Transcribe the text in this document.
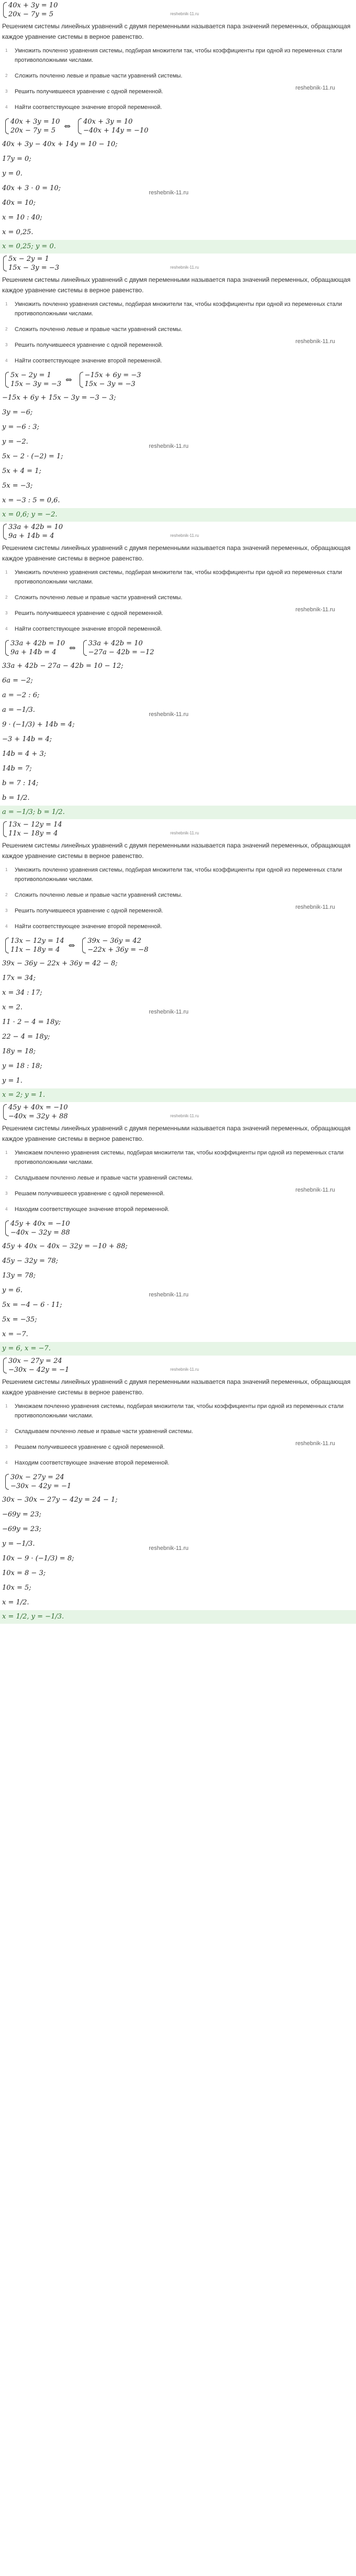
40x + 3y = 10
20x − 7y = 5	reshebnik-11.ru
Решением системы линейных уравнений с двумя переменными называется пара значений переменных, обращающая каждое уравнение системы в верное равенство.
1 Умножить почленно уравнения системы, подбирая множители так, чтобы коэффициенты при одной из переменных стали противоположными числами.
2 Сложить почленно левые и правые части уравнений системы.
3 Решить получившееся уравнение с одной переменной.
4 Найти соответствующее значение второй переменной.
40x + 3y = 10
20x − 7y = 5	⇔ 40x + 3y = 10
−40x + 14y = −10

40x + 3y − 40x + 14y = 10 − 10;

17y = 0;

y = 0.

40x + 3 · 0 = 10;

40x = 10;

x = 10 : 40;

x = 0,25.

reshebnik-11.ru
reshebnik-11.ru
x = 0,25; y = 0.
5x − 2y = 1
15x − 3y = −3	reshebnik-11.ru
Решением системы линейных уравнений с двумя переменными называется пара значений переменных, обращающая каждое уравнение системы в верное равенство.
1 Умножить почленно уравнения системы, подбирая множители так, чтобы коэффициенты при одной из переменных стали противоположными числами.
2 Сложить почленно левые и правые части уравнений системы.
3 Решить получившееся уравнение с одной переменной.
4 Найти соответствующее значение второй переменной.
5x − 2y = 1
15x − 3y = −3 ⇔ −15x + 6y = −3
15x − 3y = −3

−15x + 6y + 15x − 3y = −3 − 3;

3y = −6;

y = −6 : 3;

y = −2.

5x − 2 · (−2) = 1;

5x + 4 = 1;

5x = −3;

x = −3 : 5 = 0,6.

reshebnik-11.ru
reshebnik-11.ru
x = 0,6; y = −2.
33a + 42b = 10
9a + 14b = 4	reshebnik-11.ru
Решением системы линейных уравнений с двумя переменными называется пара значений переменных, обращающая каждое уравнение системы в верное равенство.
1 Умножить почленно уравнения системы, подбирая множители так, чтобы коэффициенты при одной из переменных стали противоположными числами.
2 Сложить почленно левые и правые части уравнений системы.
3 Решить получившееся уравнение с одной переменной.
4 Найти соответствующее значение второй переменной.
33a + 42b = 10
9a + 14b = 4	⇔ 33a + 42b = 10
−27a − 42b = −12

33a + 42b − 27a − 42b = 10 − 12;

6a = −2;

a = −2 : 6;

a = −1/3.

9 · (−1/3) + 14b = 4;

−3 + 14b = 4;

14b = 4 + 3;

14b = 7;

b = 7 : 14;

b = 1/2.

reshebnik-11.ru
reshebnik-11.ru
a = −1/3; b = 1/2.
13x − 12y = 14
11x − 18y = 4	reshebnik-11.ru
Решением системы линейных уравнений с двумя переменными называется пара значений переменных, обращающая каждое уравнение системы в верное равенство.
1 Умножить почленно уравнения системы, подбирая множители так, чтобы коэффициенты при одной из переменных стали противоположными числами.
2 Сложить почленно левые и правые части уравнений системы.
3 Решить получившееся уравнение с одной переменной.
4 Найти соответствующее значение второй переменной.
13x − 12y = 14
11x − 18y = 4	⇔ 39x − 36y = 42
−22x + 36y = −8

39x − 36y − 22x + 36y = 42 − 8;

17x = 34;

x = 34 : 17;

x = 2.

11 · 2 − 4 = 18y;

22 − 4 = 18y;

18y = 18;

y = 18 : 18;

y = 1.

reshebnik-11.ru
reshebnik-11.ru
x = 2; y = 1.
45y + 40x = −10
−40x = 32y + 88	reshebnik-11.ru
Решением системы линейных уравнений с двумя переменными называется пара значений переменных, обращающая каждое уравнение системы в верное равенство.
1 Умножаем почленно уравнения системы, подбирая множители так, чтобы коэффициенты при одной из переменных стали противоположными числами.
2 Складываем почленно левые и правые части уравнений системы.
3 Решаем получившееся уравнение с одной переменной.
4 Находим соответствующее значение второй переменной.
45y + 40x = −10
−40x − 32y = 88

45y + 40x − 40x − 32y = −10 + 88;

45y − 32y = 78;

13y = 78;

y = 6.

5x = −4 − 6 · 11;

5x = −35;

x = −7.

reshebnik-11.ru
reshebnik-11.ru
y = 6, x = −7.
30x − 27y = 24
−30x − 42y = −1	reshebnik-11.ru
Решением системы линейных уравнений с двумя переменными называется пара значений переменных, обращающая каждое уравнение системы в верное равенство.
1 Умножаем почленно уравнения системы, подбирая множители так, чтобы коэффициенты при одной из переменных стали противоположными числами.
2 Складываем почленно левые и правые части уравнений системы.
3 Решаем получившееся уравнение с одной переменной.
4 Находим соответствующее значение второй переменной.
30x − 27y = 24
−30x − 42y = −1

30x − 30x − 27y − 42y = 24 − 1;

−69y = 23;

−69y = 23;

y = −1/3.

10x − 9 · (−1/3) = 8;

10x = 8 − 3;

10x = 5;

x = 1/2.

reshebnik-11.ru
reshebnik-11.ru
x = 1/2, y = −1/3.
